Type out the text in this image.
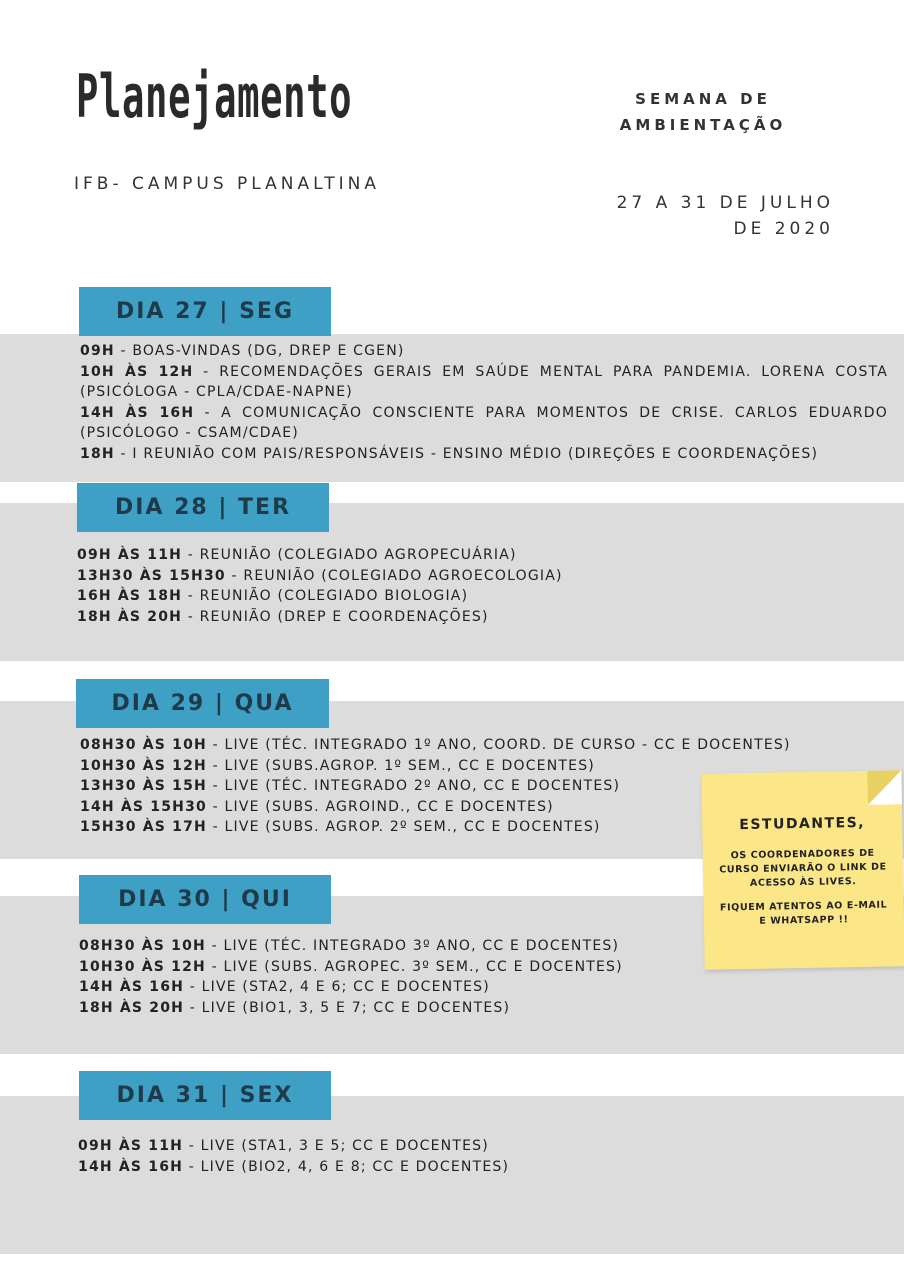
Planejamento
IFB- CAMPUS PLANALTINA
SEMANA DE
AMBIENTAÇÃO
27 A 31 DE JULHO
DE 2020
DIA 27 | SEG

09H - BOAS-VINDAS (DG, DREP E CGEN)

10H ÀS 12H - RECOMENDAÇÕES GERAIS EM SAÚDE MENTAL PARA PANDEMIA. LORENA COSTA (PSICÓLOGA - CPLA/CDAE-NAPNE)

14H ÀS 16H - A COMUNICAÇÃO CONSCIENTE PARA MOMENTOS DE CRISE. CARLOS EDUARDO (PSICÓLOGO - CSAM/CDAE)

18H - I REUNIÃO COM PAIS/RESPONSÁVEIS - ENSINO MÉDIO (DIREÇÕES E COORDENAÇÕES)

DIA 28 | TER

09H ÀS 11H - REUNIÃO (COLEGIADO AGROPECUÁRIA)

13H30 ÀS 15H30 - REUNIÃO (COLEGIADO AGROECOLOGIA)

16H ÀS 18H - REUNIÃO (COLEGIADO BIOLOGIA)

18H ÀS 20H - REUNIÃO (DREP E COORDENAÇÕES)

DIA 29 | QUA

08H30 ÀS 10H - LIVE (TÉC. INTEGRADO 1º ANO, COORD. DE CURSO - CC E DOCENTES)

10H30 ÀS 12H - LIVE (SUBS.AGROP. 1º SEM., CC E DOCENTES)

13H30 ÀS 15H - LIVE (TÉC. INTEGRADO 2º ANO, CC E DOCENTES)

14H ÀS 15H30 - LIVE (SUBS. AGROIND., CC E DOCENTES)

15H30 ÀS 17H - LIVE (SUBS. AGROP. 2º SEM., CC E DOCENTES)

DIA 30 | QUI

08H30 ÀS 10H - LIVE (TÉC. INTEGRADO 3º ANO, CC E DOCENTES)

10H30 ÀS 12H - LIVE (SUBS. AGROPEC. 3º SEM., CC E DOCENTES)

14H ÀS 16H - LIVE (STA2, 4 E 6; CC E DOCENTES)

18H ÀS 20H - LIVE (BIO1, 3, 5 E 7; CC E DOCENTES)

DIA 31 | SEX

09H ÀS 11H - LIVE (STA1, 3 E 5; CC E DOCENTES)

14H ÀS 16H - LIVE (BIO2, 4, 6 E 8; CC E DOCENTES)

ESTUDANTES,
OS COORDENADORES DE
CURSO ENVIARÃO O LINK DE
ACESSO ÀS LIVES.
FIQUEM ATENTOS AO E-MAIL
E WHATSAPP !!
